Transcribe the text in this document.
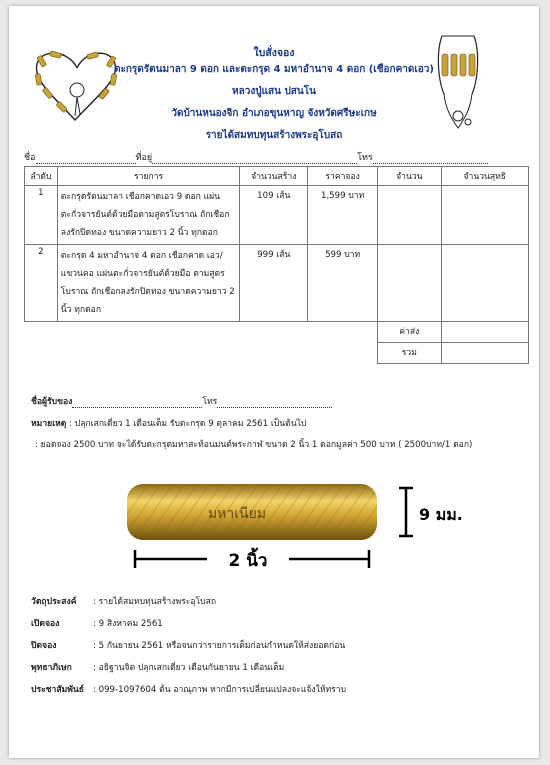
ใบสั่งจอง
ตะกรุดรัตนมาลา 9 ดอก และตะกรุด 4 มหาอำนาจ 4 ดอก (เชือกคาดเอว)
หลวงปู่แสน ปสนโน
วัดบ้านหนองจิก อำเภอขุนหาญ จังหวัดศรีษะเกษ
รายได้สมทบทุนสร้างพระอุโบสถ
ชื่อ	ที่อยู่	โทร
ลำดับ	รายการ	จำนวนสร้าง	ราคาจอง	จำนวน	จำนวนสุทธิ
1	ตะกรุดรัตนมาลา เชือกคาดเอว 9 ดอก แผ่นตะกั่วจารยันต์ด้วยมือตามสูตรโบราณ ถักเชือกลงรักปิดทอง ขนาดความยาว 2 นิ้ว ทุกดอก	109 เส้น	1,599 บาท		
2	ตะกรุด 4 มหาอำนาจ 4 ดอก เชือกคาด เอว/แขวนคอ แผ่นตะกั่วจารยันต์ด้วยมือ ตามสูตรโบราณ ถักเชือกลงรักปิดทอง ขนาดความยาว 2 นิ้ว ทุกดอก	999 เส้น	599 บาท		
				ค่าส่ง	
				รวม	
ชื่อผู้รับของ	โทร
หมายเหตุ : ปลุกเสกเดี่ยว 1 เดือนเต็ม รับตะกรุด 9 ตุลาคม 2561 เป็นต้นไป
: ยอดจอง 2500 บาท จะได้รับตะกรุดมหาสะท้อนมนต์พระกาฬ ขนาด 2 นิ้ว 1 ดอกมูลค่า 500 บาท ( 2500บาท/1 ดอก)
มหาเนียม	9 มม.
2 นิ้ว
วัตถุประสงค์ : รายได้สมทบทุนสร้างพระอุโบสถ
เปิดจอง	: 9 สิงหาคม 2561
ปิดจอง	: 5 กันยายน 2561 หรือจนกว่ารายการเต็มก่อนกำหนดให้ส่งยอดก่อน
พุทธาภิเษก : อธิฐานจิต ปลุกเสกเดี่ยว เดือนกันยายน 1 เดือนเต็ม
ประชาสัมพันธ์ : 099-1097604 ต้น อาณุภาพ หากมีการเปลี่ยนแปลงจะแจ้งให้ทราบ
